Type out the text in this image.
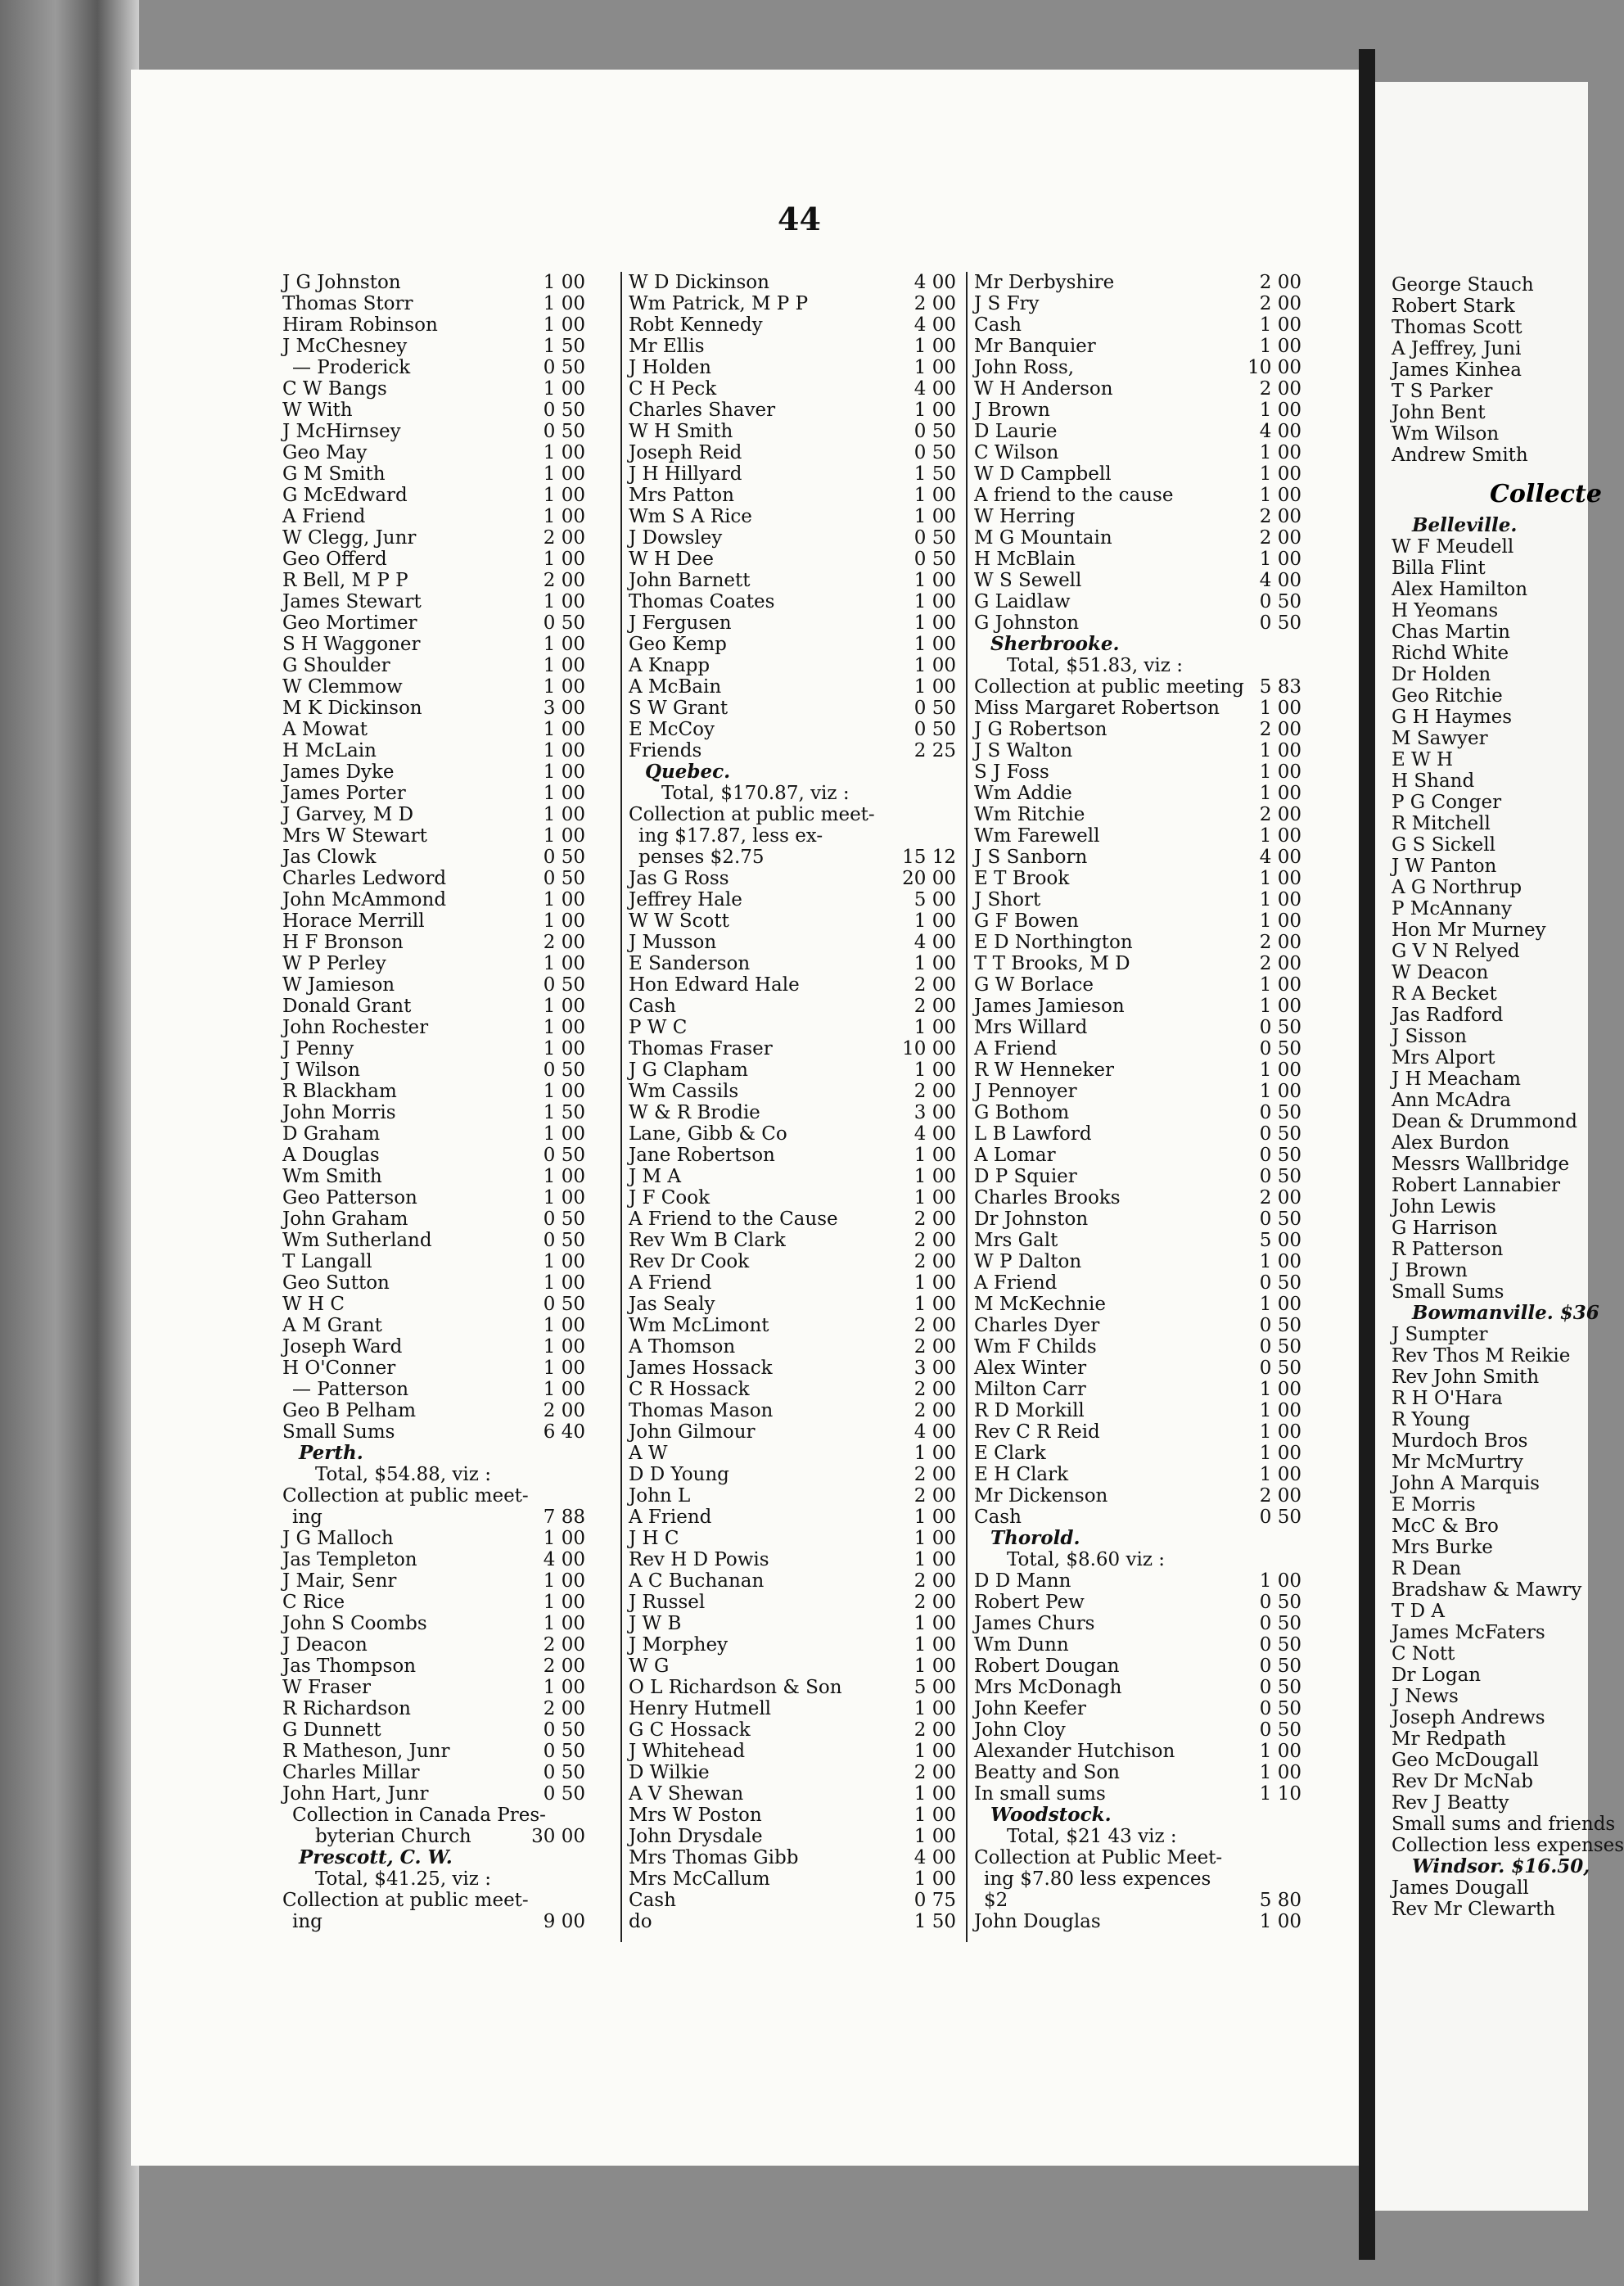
44
J G Johnston	1 00
Thomas Storr	1 00
Hiram Robinson	1 00
J McChesney	1 50
— Proderick	0 50
C W Bangs	1 00
W With	0 50
J McHirnsey	0 50
Geo May	1 00
G M Smith	1 00
G McEdward	1 00
A Friend	1 00
W Clegg, Junr	2 00
Geo Offerd	1 00
R Bell, M P P	2 00
James Stewart	1 00
Geo Mortimer	0 50
S H Waggoner	1 00
G Shoulder	1 00
W Clemmow	1 00
M K Dickinson	3 00
A Mowat	1 00
H McLain	1 00
James Dyke	1 00
James Porter	1 00
J Garvey, M D	1 00
Mrs W Stewart	1 00
Jas Clowk	0 50
Charles Ledword	0 50
John McAmmond	1 00
Horace Merrill	1 00
H F Bronson	2 00
W P Perley	1 00
W Jamieson	0 50
Donald Grant	1 00
John Rochester	1 00
J Penny	1 00
J Wilson	0 50
R Blackham	1 00
John Morris	1 50
D Graham	1 00
A Douglas	0 50
Wm Smith	1 00
Geo Patterson	1 00
John Graham	0 50
Wm Sutherland	0 50
T Langall	1 00
Geo Sutton	1 00
W H C	0 50
A M Grant	1 00
Joseph Ward	1 00
H O'Conner	1 00
— Patterson	1 00
Geo B Pelham	2 00
Small Sums	6 40
Perth.
Total, $54.88, viz :
Collection at public meet-
ing	7 88
J G Malloch	1 00
Jas Templeton	4 00
J Mair, Senr	1 00
C Rice	1 00
John S Coombs	1 00
J Deacon	2 00
Jas Thompson	2 00
W Fraser	1 00
R Richardson	2 00
G Dunnett	0 50
R Matheson, Junr	0 50
Charles Millar	0 50
John Hart, Junr	0 50
Collection in Canada Pres-
byterian Church	30 00
Prescott, C. W.
Total, $41.25, viz :
Collection at public meet-
ing	9 00
W D Dickinson	4 00
Wm Patrick, M P P	2 00
Robt Kennedy	4 00
Mr Ellis	1 00
J Holden	1 00
C H Peck	4 00
Charles Shaver	1 00
W H Smith	0 50
Joseph Reid	0 50
J H Hillyard	1 50
Mrs Patton	1 00
Wm S A Rice	1 00
J Dowsley	0 50
W H Dee	0 50
John Barnett	1 00
Thomas Coates	1 00
J Fergusen	1 00
Geo Kemp	1 00
A Knapp	1 00
A McBain	1 00
S W Grant	0 50
E McCoy	0 50
Friends	2 25
Quebec.
Total, $170.87, viz :
Collection at public meet-
ing $17.87, less ex-
penses $2.75	15 12
Jas G Ross	20 00
Jeffrey Hale	5 00
W W Scott	1 00
J Musson	4 00
E Sanderson	1 00
Hon Edward Hale	2 00
Cash	2 00
P W C	1 00
Thomas Fraser	10 00
J G Clapham	1 00
Wm Cassils	2 00
W & R Brodie	3 00
Lane, Gibb & Co	4 00
Jane Robertson	1 00
J M A	1 00
J F Cook	1 00
A Friend to the Cause	2 00
Rev Wm B Clark	2 00
Rev Dr Cook	2 00
A Friend	1 00
Jas Sealy	1 00
Wm McLimont	2 00
A Thomson	2 00
James Hossack	3 00
C R Hossack	2 00
Thomas Mason	2 00
John Gilmour	4 00
A W	1 00
D D Young	2 00
John L	2 00
A Friend	1 00
J H C	1 00
Rev H D Powis	1 00
A C Buchanan	2 00
J Russel	2 00
J W B	1 00
J Morphey	1 00
W G	1 00
O L Richardson & Son	5 00
Henry Hutmell	1 00
G C Hossack	2 00
J Whitehead	1 00
D Wilkie	2 00
A V Shewan	1 00
Mrs W Poston	1 00
John Drysdale	1 00
Mrs Thomas Gibb	4 00
Mrs McCallum	1 00
Cash	0 75
do	1 50
Mr Derbyshire	2 00
J S Fry	2 00
Cash	1 00
Mr Banquier	1 00
John Ross,	10 00
W H Anderson	2 00
J Brown	1 00
D Laurie	4 00
C Wilson	1 00
W D Campbell	1 00
A friend to the cause	1 00
W Herring	2 00
M G Mountain	2 00
H McBlain	1 00
W S Sewell	4 00
G Laidlaw	0 50
G Johnston	0 50
Sherbrooke.
Total, $51.83, viz :
Collection at public meeting 5 83
Miss Margaret Robertson	1 00
J G Robertson	2 00
J S Walton	1 00
S J Foss	1 00
Wm Addie	1 00
Wm Ritchie	2 00
Wm Farewell	1 00
J S Sanborn	4 00
E T Brook	1 00
J Short	1 00
G F Bowen	1 00
E D Northington	2 00
T T Brooks, M D	2 00
G W Borlace	1 00
James Jamieson	1 00
Mrs Willard	0 50
A Friend	0 50
R W Henneker	1 00
J Pennoyer	1 00
G Bothom	0 50
L B Lawford	0 50
A Lomar	0 50
D P Squier	0 50
Charles Brooks	2 00
Dr Johnston	0 50
Mrs Galt	5 00
W P Dalton	1 00
A Friend	0 50
M McKechnie	1 00
Charles Dyer	0 50
Wm F Childs	0 50
Alex Winter	0 50
Milton Carr	1 00
R D Morkill	1 00
Rev C R Reid	1 00
E Clark	1 00
E H Clark	1 00
Mr Dickenson	2 00
Cash	0 50
Thorold.
Total, $8.60 viz :
D D Mann	1 00
Robert Pew	0 50
James Churs	0 50
Wm Dunn	0 50
Robert Dougan	0 50
Mrs McDonagh	0 50
John Keefer	0 50
John Cloy	0 50
Alexander Hutchison	1 00
Beatty and Son	1 00
In small sums	1 10
Woodstock.
Total, $21 43 viz :
Collection at Public Meet-
ing $7.80 less expences
$2	5 80
John Douglas	1 00
George Stauch
Robert Stark
Thomas Scott
A Jeffrey, Juni
James Kinhea
T S Parker
John Bent
Wm Wilson
Andrew Smith
Collecte
Belleville.
W F Meudell
Billa Flint
Alex Hamilton
H Yeomans
Chas Martin
Richd White
Dr Holden
Geo Ritchie
G H Haymes
M Sawyer
E W H
H Shand
P G Conger
R Mitchell
G S Sickell
J W Panton
A G Northrup
P McAnnany
Hon Mr Murney
G V N Relyed
W Deacon
R A Becket
Jas Radford
J Sisson
Mrs Alport
J H Meacham
Ann McAdra
Dean & Drummond
Alex Burdon
Messrs Wallbridge
Robert Lannabier
John Lewis
G Harrison
R Patterson
J Brown
Small Sums
Bowmanville. $36
J Sumpter
Rev Thos M Reikie
Rev John Smith
R H O'Hara
R Young
Murdoch Bros
Mr McMurtry
John A Marquis
E Morris
McC & Bro
Mrs Burke
R Dean
Bradshaw & Mawry
T D A
James McFaters
C Nott
Dr Logan
J News
Joseph Andrews
Mr Redpath
Geo McDougall
Rev Dr McNab
Rev J Beatty
Small sums and friends
Collection less expenses
Windsor. $16.50,
James Dougall
Rev Mr Clewarth
